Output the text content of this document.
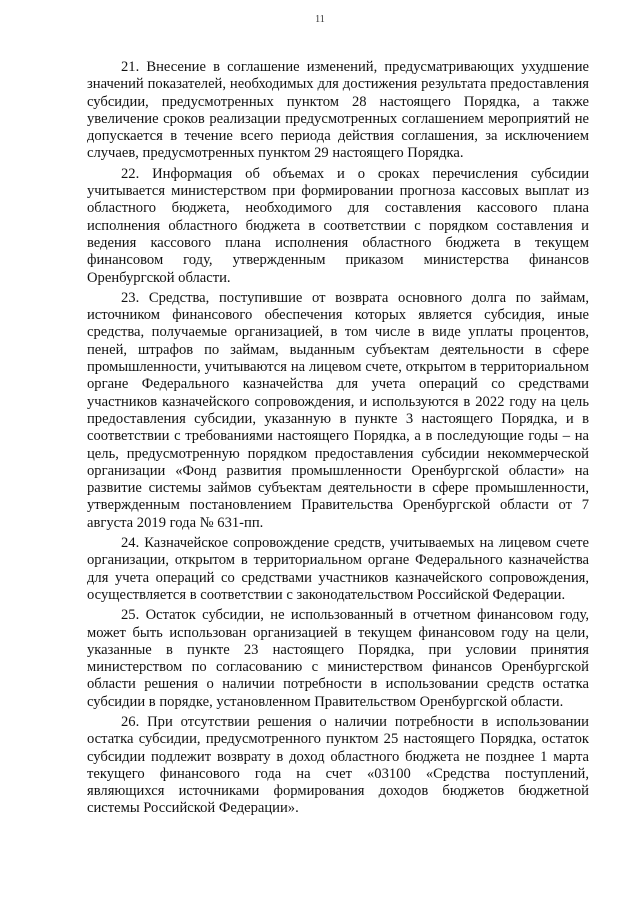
11

21. Внесение в соглашение изменений, предусматривающих ухудшение значений показателей, необходимых для достижения результата предоставления субсидии, предусмотренных пунктом 28 настоящего Порядка, а также увеличение сроков реализации предусмотренных соглашением мероприятий не допускается в течение всего периода действия соглашения, за исключением случаев, предусмотренных пунктом 29 настоящего Порядка.

22. Информация об объемах и о сроках перечисления субсидии учитывается министерством при формировании прогноза кассовых выплат из областного бюджета, необходимого для составления кассового плана исполнения областного бюджета в соответствии с порядком составления и ведения кассового плана исполнения областного бюджета в текущем финансовом году, утвержденным приказом министерства финансов Оренбургской области.

23. Средства, поступившие от возврата основного долга по займам, источником финансового обеспечения которых является субсидия, иные средства, получаемые организацией, в том числе в виде уплаты процентов, пеней, штрафов по займам, выданным субъектам деятельности в сфере промышленности, учитываются на лицевом счете, открытом в территориальном органе Федерального казначейства для учета операций со средствами участников казначейского сопровождения, и используются в 2022 году на цель предоставления субсидии, указанную в пункте 3 настоящего Порядка, и в соответствии с требованиями настоящего Порядка, а в последующие годы – на цель, предусмотренную порядком предоставления субсидии некоммерческой организации «Фонд развития промышленности Оренбургской области» на развитие системы займов субъектам деятельности в сфере промышленности, утвержденным постановлением Правительства Оренбургской области от 7 августа 2019 года № 631-пп.

24. Казначейское сопровождение средств, учитываемых на лицевом счете организации, открытом в территориальном органе Федерального казначейства для учета операций со средствами участников казначейского сопровождения, осуществляется в соответствии с законодательством Российской Федерации.

25. Остаток субсидии, не использованный в отчетном финансовом году, может быть использован организацией в текущем финансовом году на цели, указанные в пункте 23 настоящего Порядка, при условии принятия министерством по согласованию с министерством финансов Оренбургской области решения о наличии потребности в использовании средств остатка субсидии в порядке, установленном Правительством Оренбургской области.

26. При отсутствии решения о наличии потребности в использовании остатка субсидии, предусмотренного пунктом 25 настоящего Порядка, остаток субсидии подлежит возврату в доход областного бюджета не позднее 1 марта текущего финансового года на счет «03100 «Средства поступлений, являющихся источниками формирования доходов бюджетов бюджетной системы Российской Федерации».
